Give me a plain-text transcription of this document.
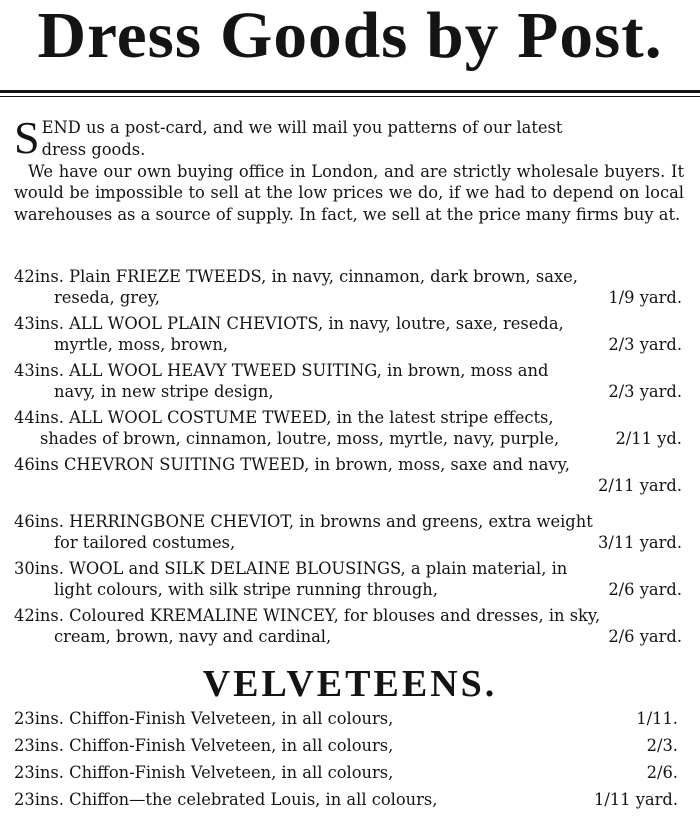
Dress Goods by Post.

S END us a post-card, and we will mail you patterns of our latest
dress goods.

We have our own buying office in London, and are strictly wholesale buyers. It would be impossible to sell at the low prices we do, if we had to depend on local warehouses as a source of supply. In fact, we sell at the price many firms buy at.

42ins. Plain FRIEZE TWEEDS, in navy, cinnamon, dark brown, saxe,
reseda, grey,	1/9 yard.
43ins. ALL WOOL PLAIN CHEVIOTS, in navy, loutre, saxe, reseda,
myrtle, moss, brown,	2/3 yard.
43ins. ALL WOOL HEAVY TWEED SUITING, in brown, moss and
navy, in new stripe design,	2/3 yard.
44ins. ALL WOOL COSTUME TWEED, in the latest stripe effects,
shades of brown, cinnamon, loutre, moss, myrtle, navy, purple,	2/11 yd.
46ins CHEVRON SUITING TWEED, in brown, moss, saxe and navy,
2/11 yard.
46ins. HERRINGBONE CHEVIOT, in browns and greens, extra weight
for tailored costumes,	3/11 yard.
30ins. WOOL and SILK DELAINE BLOUSINGS, a plain material, in
light colours, with silk stripe running through,	2/6 yard.
42ins. Coloured KREMALINE WINCEY, for blouses and dresses, in sky,
cream, brown, navy and cardinal,	2/6 yard.
VELVETEENS.
23ins. Chiffon-Finish Velveteen, in all colours,	1/11.
23ins. Chiffon-Finish Velveteen, in all colours,	2/3.
23ins. Chiffon-Finish Velveteen, in all colours,	2/6.
23ins. Chiffon—the celebrated Louis, in all colours,	1/11 yard.
